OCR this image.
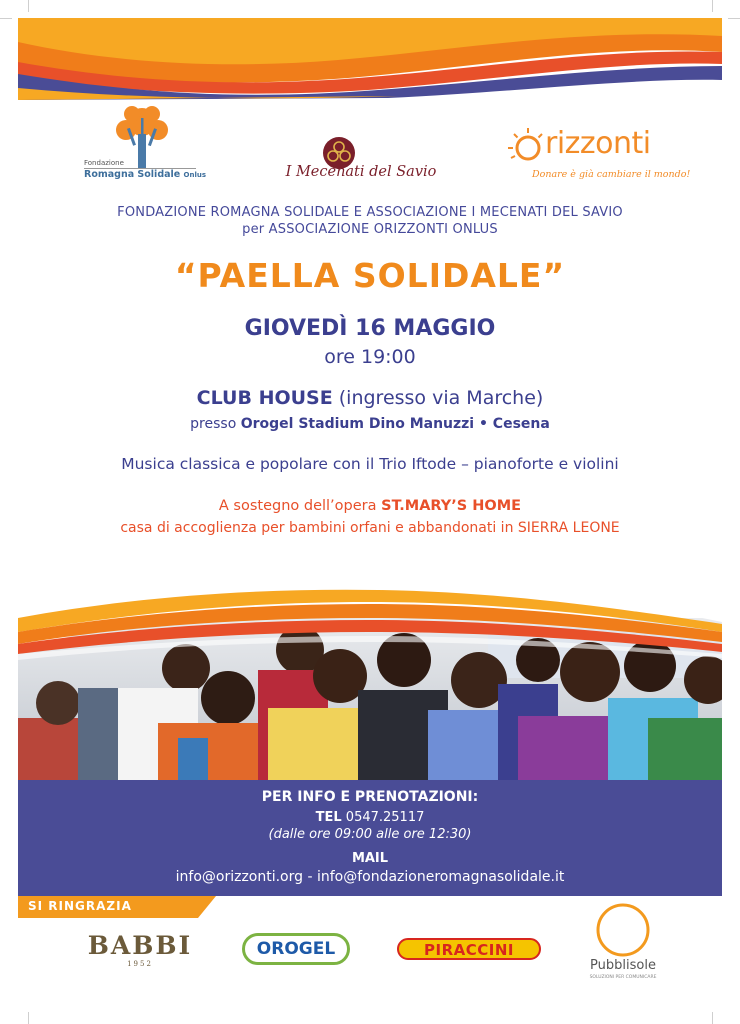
Fondazione
Romagna Solidale Onlus	I Mecenati del Savio
rizzonti
Donare è già cambiare il mondo!
FONDAZIONE ROMAGNA SOLIDALE E ASSOCIAZIONE I MECENATI DEL SAVIO
per ASSOCIAZIONE ORIZZONTI ONLUS
“PAELLA SOLIDALE”
GIOVEDÌ 16 MAGGIO
ore 19:00
CLUB HOUSE (ingresso via Marche)
presso Orogel Stadium Dino Manuzzi • Cesena
Musica classica e popolare con il Trio Iftode – pianoforte e violini
A sostegno dell’opera ST.MARY’S HOME
casa di accoglienza per bambini orfani e abbandonati in SIERRA LEONE
PER INFO E PRENOTAZIONI:
TEL 0547.25117
(dalle ore 09:00 alle ore 12:30)
MAIL
info@orizzonti.org - info@fondazioneromagnasolidale.it
SI RINGRAZIA
BABBI
1952
OROGEL	PIRACCINI
Pubblisole
SOLUZIONI PER COMUNICARE
